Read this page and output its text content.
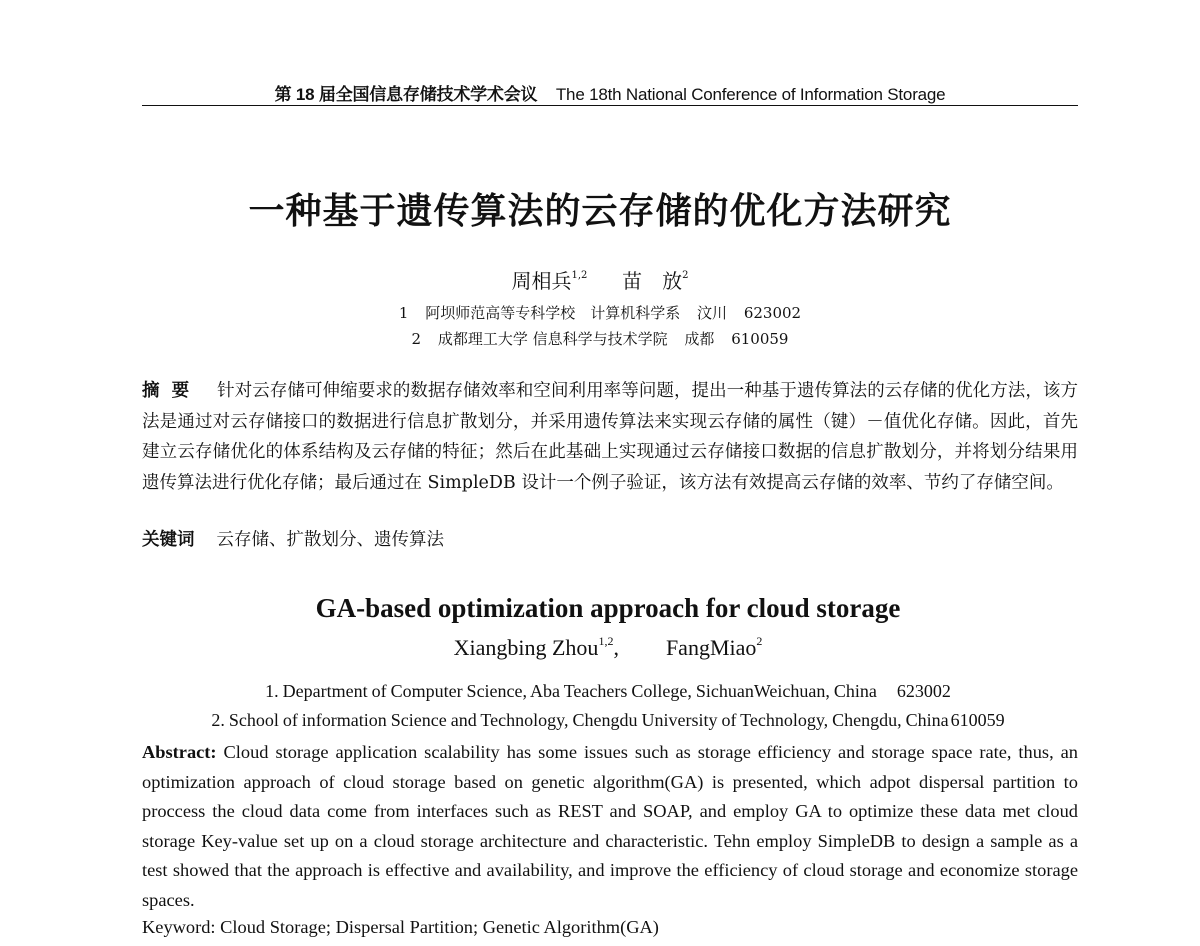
第 18 届全国信息存储技术学术会议 The 18th National Conference of Information Storage
一种基于遗传算法的云存储的优化方法研究
周相兵$^{1,2}$ 苗　放$^2$
1 阿坝师范高等专科学校　计算机科学系 汶川 623002
2 成都理工大学 信息科学与技术学院 成都 610059
摘要 针对云存储可伸缩要求的数据存储效率和空间利用率等问题，提出一种基于遗传算法的云存储的优化方法，该方法是通过对云存储接口的数据进行信息扩散划分，并采用遗传算法来实现云存储的属性（键）－值优化存储。因此，首先建立云存储优化的体系结构及云存储的特征；然后在此基础上实现通过云存储接口数据的信息扩散划分，并将划分结果用遗传算法进行优化存储；最后通过在 SimpleDB 设计一个例子验证，该方法有效提高云存储的效率、节约了存储空间。
关键词 云存储、扩散划分、遗传算法
GA-based optimization approach for cloud storage
Xiangbing Zhou$^{1,2}$, FangMiao$^2$
1. Department of Computer Science, Aba Teachers College, SichuanWeichuan, China 623002
2. School of information Science and Technology, Chengdu University of Technology, Chengdu, China 610059
Abstract: Cloud storage application scalability has some issues such as storage efficiency and storage space rate, thus, an optimization approach of cloud storage based on genetic algorithm(GA) is presented, which adpot dispersal partition to proccess the cloud data come from interfaces such as REST and SOAP, and employ GA to optimize these data met cloud storage Key-value set up on a cloud storage architecture and characteristic. Tehn employ SimpleDB to design a sample as a test showed that the approach is effective and availability, and improve the efficiency of cloud storage and economize storage spaces.
Keyword: Cloud Storage; Dispersal Partition; Genetic Algorithm(GA)
